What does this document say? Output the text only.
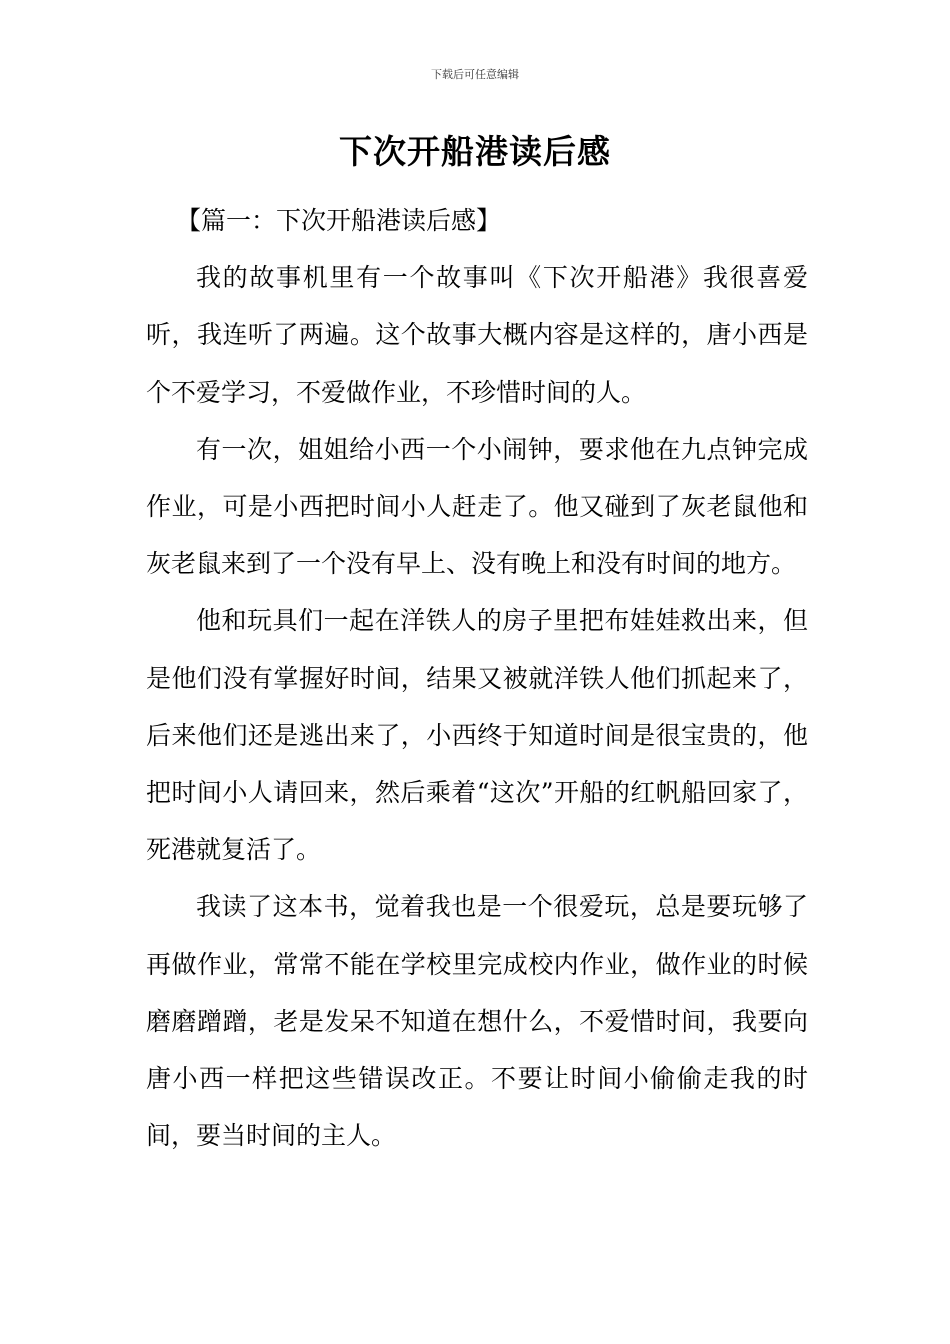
下载后可任意编辑
下次开船港读后感

【篇一：下次开船港读后感】

我的故事机里有一个故事叫《下次开船港》我很喜爱听，我连听了两遍。这个故事大概内容是这样的，唐小西是个不爱学习，不爱做作业，不珍惜时间的人。

有一次，姐姐给小西一个小闹钟，要求他在九点钟完成作业，可是小西把时间小人赶走了。他又碰到了灰老鼠他和灰老鼠来到了一个没有早上、没有晚上和没有时间的地方。

他和玩具们一起在洋铁人的房子里把布娃娃救出来，但是他们没有掌握好时间，结果又被就洋铁人他们抓起来了，后来他们还是逃出来了，小西终于知道时间是很宝贵的，他把时间小人请回来，然后乘着“这次”开船的红帆船回家了，死港就复活了。

我读了这本书，觉着我也是一个很爱玩，总是要玩够了再做作业，常常不能在学校里完成校内作业，做作业的时候磨磨蹭蹭，老是发呆不知道在想什么，不爱惜时间，我要向唐小西一样把这些错误改正。不要让时间小偷偷走我的时间，要当时间的主人。
